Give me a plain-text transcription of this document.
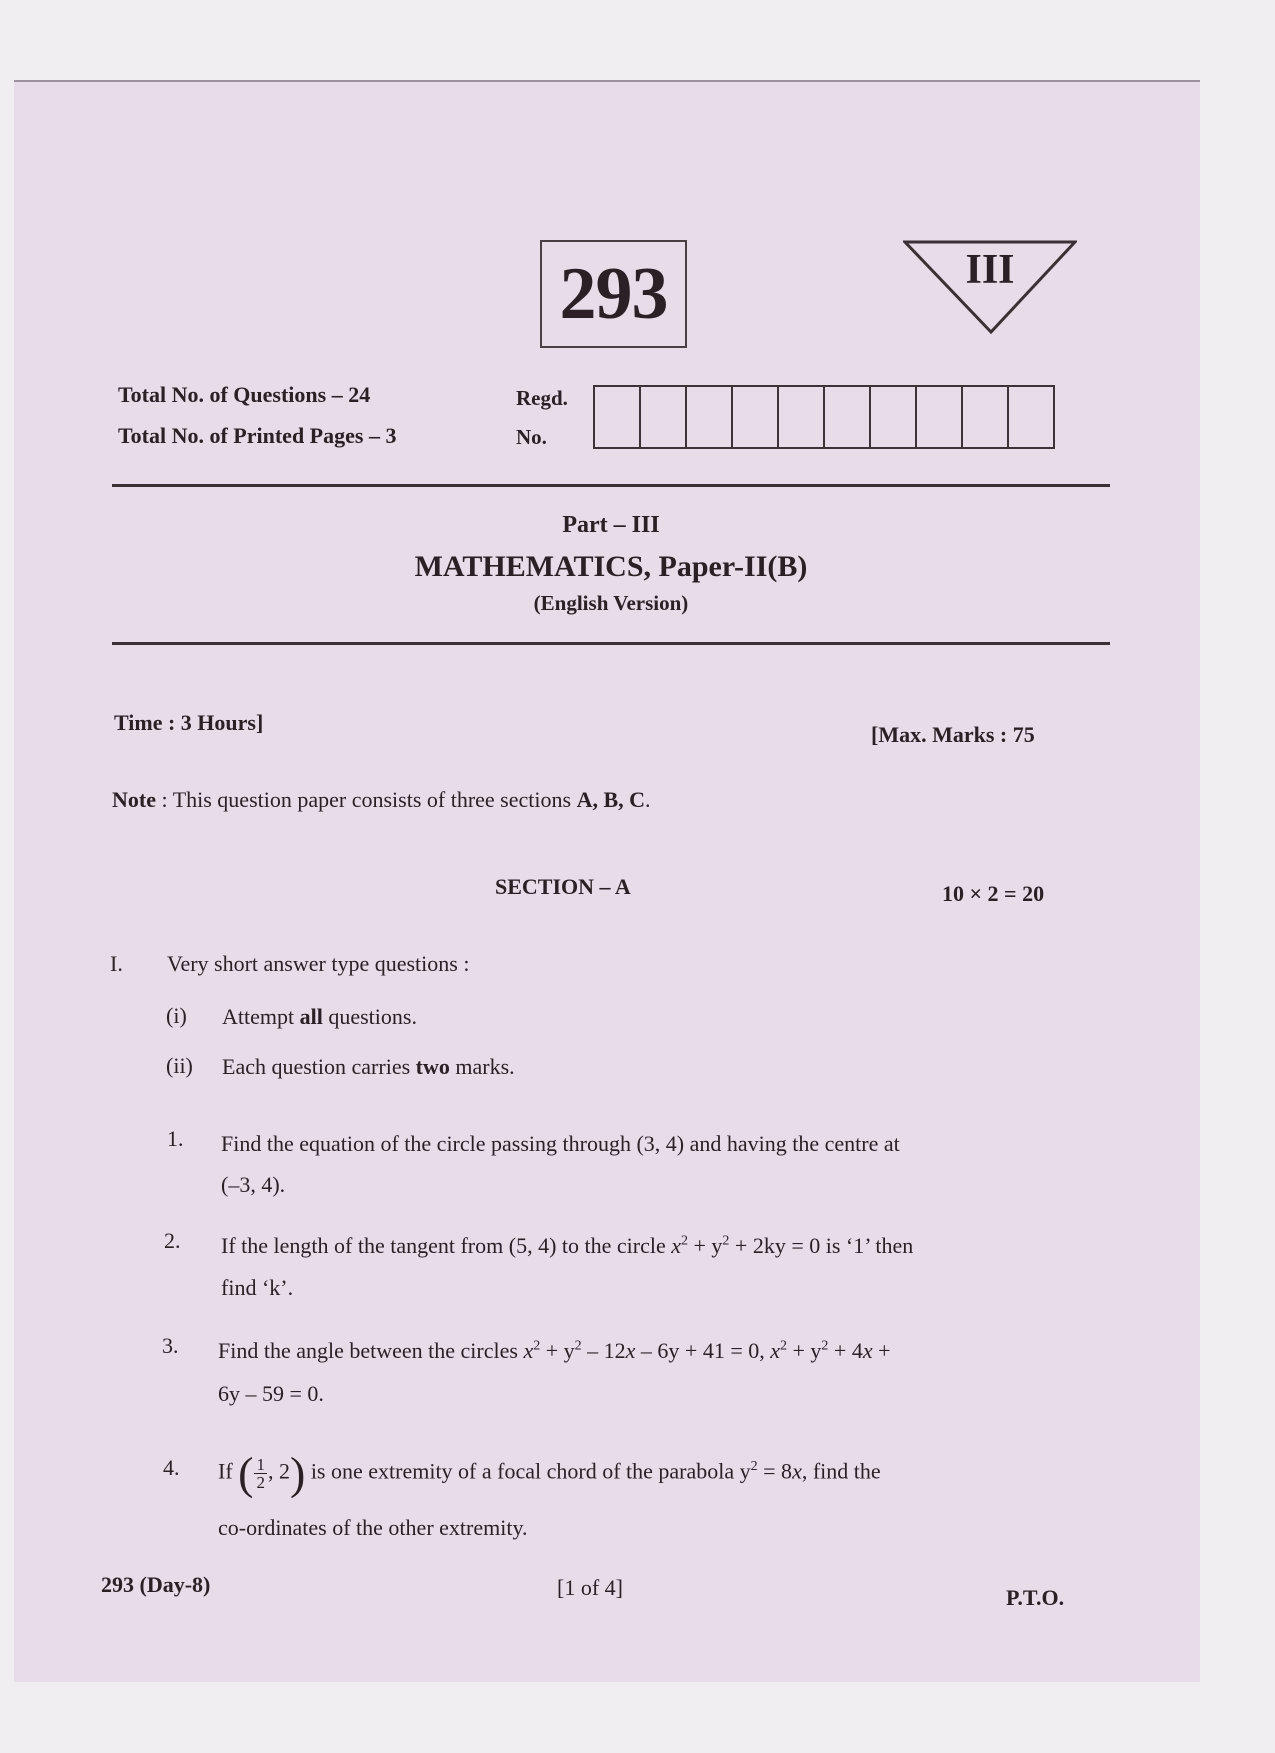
293	III
Total No. of Questions – 24
Total No. of Printed Pages – 3
Regd.
No.
Part – III
MATHEMATICS, Paper-II(B)
(English Version)
Time : 3 Hours]	[Max. Marks : 75
Note : This question paper consists of three sections A, B, C.
SECTION – A	10 × 2 = 20
I. Very short answer type questions :
(i) Attempt all questions.
(ii) Each question carries two marks.
1. Find the equation of the circle passing through (3, 4) and having the centre at
(–3, 4).
2. If the length of the tangent from (5, 4) to the circle $x^2 + y^2 + 2ky = 0$ is ‘1’ then
find ‘k’.
3. Find the angle between the circles $x^2 + y^2 - 12x - 6y + 41 = 0$, $x^2 + y^2 + 4x$ +
6y – 59 = 0.
4. If ( $\frac{1}{2}$ , 2) is one extremity of a focal chord of the parabola $y^2 = 8x$, find the
co-ordinates of the other extremity.
293 (Day-8)	[1 of 4]	P.T.O.
